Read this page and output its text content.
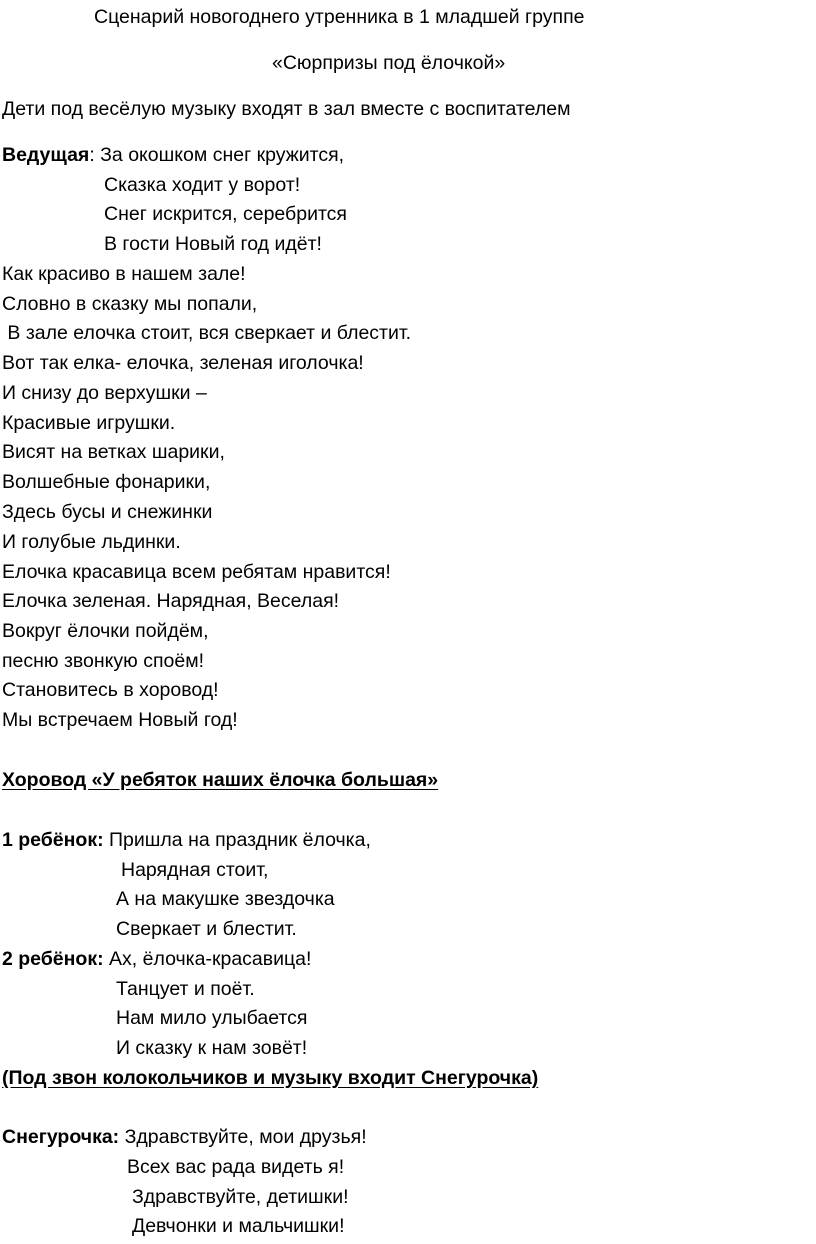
Сценарий новогоднего утренника в 1 младшей группе
«Сюрпризы под ёлочкой»
Дети под весёлую музыку входят в зал вместе с воспитателем
Ведущая: За окошком снег кружится,
Сказка ходит у ворот!
Снег искрится, серебрится
В гости Новый год идёт!
Как красиво в нашем зале!
Словно в сказку мы попали,
В зале елочка стоит, вся сверкает и блестит.
Вот так елка- елочка, зеленая иголочка!
И снизу до верхушки –
Красивые игрушки.
Висят на ветках шарики,
Волшебные фонарики,
Здесь бусы и снежинки
И голубые льдинки.
Елочка красавица всем ребятам нравится!
Елочка зеленая. Нарядная, Веселая!
Вокруг ёлочки пойдём,
песню звонкую споём!
Становитесь в хоровод!
Мы встречаем Новый год!
Хоровод «У ребяток наших ёлочка большая»
1 ребёнок: Пришла на праздник ёлочка,
Нарядная стоит,
А на макушке звездочка
Сверкает и блестит.
2 ребёнок: Ах, ёлочка-красавица!
Танцует и поёт.
Нам мило улыбается
И сказку к нам зовёт!
(Под звон колокольчиков и музыку входит Снегурочка)
Снегурочка: Здравствуйте, мои друзья!
Всех вас рада видеть я!
Здравствуйте, детишки!
Девчонки и мальчишки!
